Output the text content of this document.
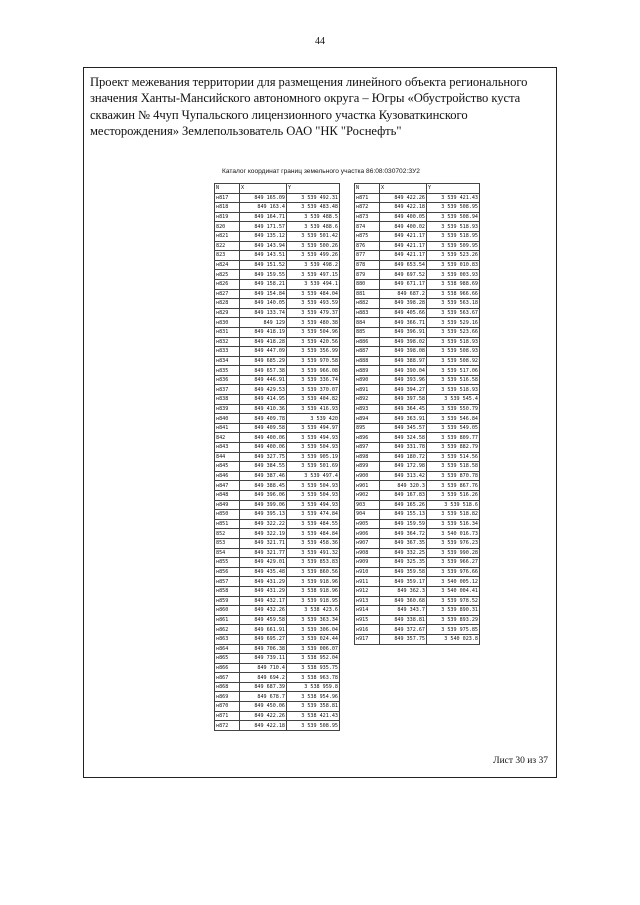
44
Проект межевания территории для размещения линейного объекта регионального значения Ханты-Мансийского автономного округа – Югры «Обустройство куста скважин № 4чуп Чупальского лицензионного участка Кузоваткинского месторождения» Землепользователь ОАО "НК "Роснефть"
Каталог координат границ земельного участка 86:08:030702:ЗУ2
N	X	Y
н817	849 165.09	3 539 492.31
н818	849 163.4	3 539 483.48
н819	849 164.71	3 539 488.5
820	849 171.57	3 539 488.6
н821	849 135.12	3 539 501.42
822	849 143.94	3 539 500.26
823	849 143.51	3 539 499.26
н824	849 151.52	3 539 498.2
н825	849 159.55	3 539 497.15
н826	849 158.21	3 539 494.1
н827	849 154.84	3 539 484.04
н828	849 140.05	3 539 493.59
н829	849 133.74	3 539 479.37
н830	849 129	3 539 480.38
н831	849 418.19	3 539 504.96
н832	849 418.28	3 539 420.56
н833	849 447.09	3 539 356.99
н834	849 685.29	3 539 970.58
н835	849 657.38	3 539 966.08
н836	849 446.91	3 539 336.74
н837	849 429.53	3 539 370.07
н838	849 414.95	3 539 404.82
н839	849 410.36	3 539 416.93
н840	849 409.78	3 539 420
н841	849 409.58	3 539 494.97
842	849 400.06	3 539 494.93
н843	849 400.06	3 539 504.93
844	849 327.75	3 539 905.19
н845	849 384.55	3 539 501.69
н846	849 387.46	3 539 497.4
н847	849 388.45	3 539 504.93
н848	849 396.06	3 539 504.93
н849	849 399.06	3 539 494.93
н850	849 395.13	3 539 474.84
н851	849 322.22	3 539 484.55
852	849 322.19	3 539 484.84
853	849 321.71	3 539 458.36
854	849 321.77	3 539 491.32
н855	849 429.01	3 539 853.83
н856	849 435.48	3 539 860.56
н857	849 431.29	3 539 918.96
н858	849 431.29	3 538 918.96
н859	849 432.17	3 539 918.95
н860	849 432.26	3 538 423.6
н861	849 459.58	3 539 363.34
н862	849 661.91	3 539 306.04
н863	849 695.27	3 539 024.44
н864	849 706.38	3 539 006.07
н865	849 739.11	3 538 952.04
н866	849 710.4	3 538 935.75
н867	849 694.2	3 538 963.78
н868	849 687.39	3 538 959.8
н869	849 678.7	3 538 954.96
н870	849 450.06	3 539 358.81
н871	849 422.26	3 538 421.43
н872	849 422.18	3 539 508.95
N	X	Y
н871	849 422.26	3 539 421.43
н872	849 422.18	3 539 508.95
н873	849 400.05	3 539 508.94
874	849 400.02	3 539 518.93
н875	849 421.17	3 539 518.95
876	849 421.17	3 539 509.95
877	849 421.17	3 539 523.26
878	849 653.54	3 539 010.83
879	849 697.52	3 539 003.93
880	849 671.17	3 538 988.69
881	849 687.2	3 538 966.66
н882	849 398.28	3 539 563.18
н883	849 405.66	3 539 563.67
884	849 366.71	3 539 529.16
885	849 396.91	3 539 523.66
н886	849 398.02	3 539 518.93
н887	849 398.08	3 539 508.93
н888	849 388.97	3 539 508.92
н889	849 390.04	3 539 517.06
н890	849 393.96	3 539 516.58
н891	849 394.27	3 539 518.93
н892	849 397.58	3 539 545.4
н893	849 364.45	3 539 550.79
н894	849 363.91	3 539 546.84
895	849 345.57	3 539 549.05
н896	849 324.58	3 539 809.77
н897	849 331.78	3 539 882.79
н898	849 180.72	3 539 514.56
н899	849 172.98	3 539 518.58
н900	849 313.42	3 539 870.78
н901	849 320.3	3 539 867.76
н902	849 167.83	3 539 516.26
903	849 165.26	3 539 518.6
904	849 155.13	3 539 518.82
н905	849 159.59	3 539 516.34
н906	849 364.72	3 540 016.73
н907	849 367.35	3 539 976.23
н908	849 332.25	3 539 990.28
н909	849 325.35	3 539 966.27
н910	849 359.58	3 539 976.66
н911	849 359.17	3 540 005.12
н912	849 362.3	3 540 004.41
н913	849 360.68	3 539 978.52
н914	849 343.7	3 539 890.31
н915	849 338.81	3 539 893.29
н916	849 372.67	3 539 975.85
н917	849 357.75	3 540 023.8
Лист 30 из 37
